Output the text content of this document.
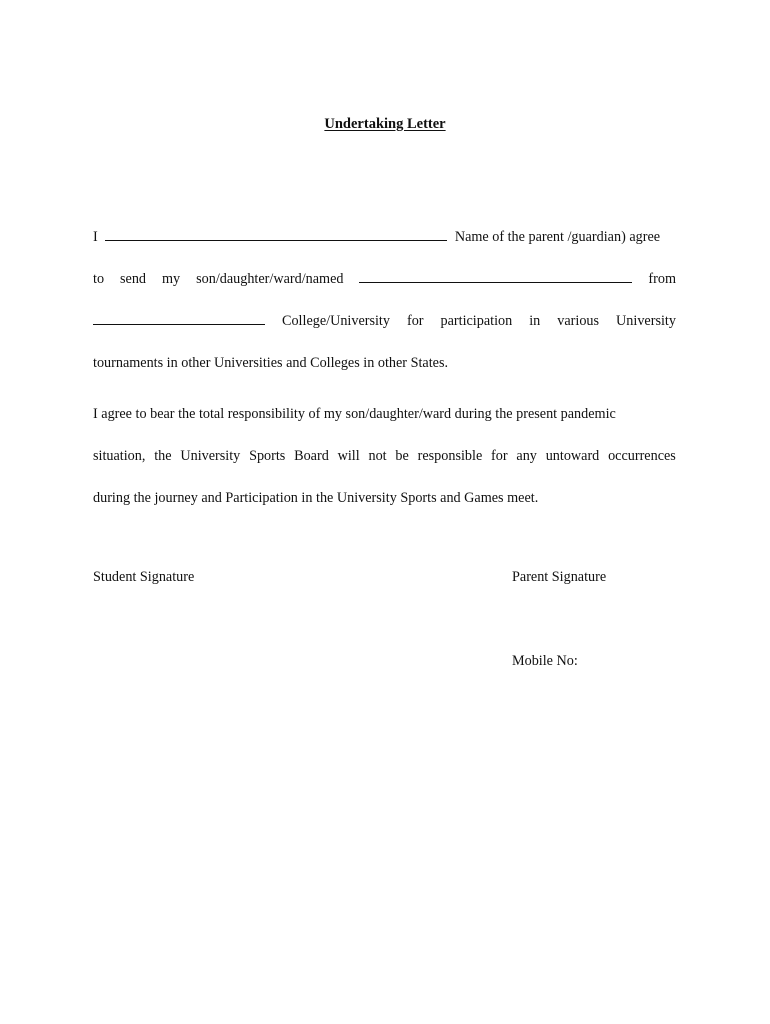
Undertaking Letter
I	Name of the parent /guardian) agree
to send my son/daughter/ward/named	from
College/University for participation in various University
tournaments in other Universities and Colleges in other States.
I agree to bear the total responsibility of my son/daughter/ward during the present pandemic
situation, the University Sports Board will not be responsible for any untoward occurrences
during the journey and Participation in the University Sports and Games meet.
Student Signature	Parent Signature
Mobile No:
